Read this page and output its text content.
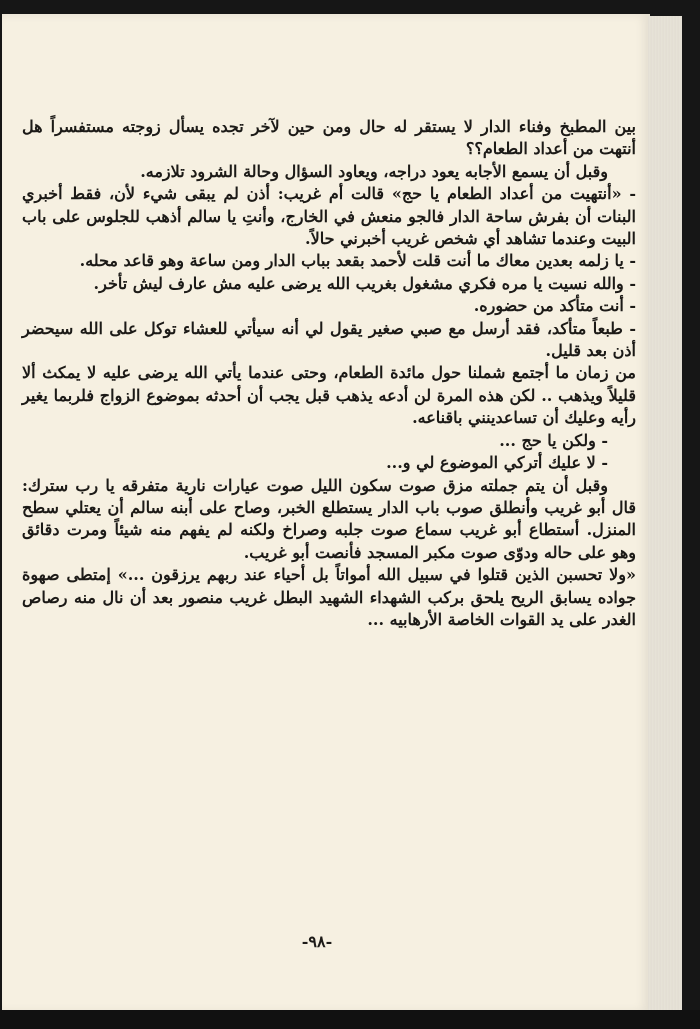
بين المطبخ وفناء الدار لا يستقر له حال ومن حين لآخر تجده يسأل زوجته مستفسراً هل أنتهت من أعداد الطعام؟؟

وقبل أن يسمع الأجابه يعود دراجه، ويعاود السؤال وحالة الشرود تلازمه.

- «أنتهيت من أعداد الطعام يا حج» قالت أم غريب: أذن لم يبقى شيء لأن، فقط أخبري البنات أن بفرش ساحة الدار فالجو منعش في الخارج، وأنتِ يا سالم أذهب للجلوس على باب البيت وعندما تشاهد أي شخص غريب أخبرني حالاً.

- يا زلمه بعدين معاك ما أنت قلت لأحمد بقعد بباب الدار ومن ساعة وهو قاعد محله.

- والله نسيت يا مره فكري مشغول بغريب الله يرضى عليه مش عارف ليش تأخر.

- أنت متأكد من حضوره.

- طبعاً متأكد، فقد أرسل مع صبي صغير يقول لي أنه سيأتي للعشاء توكل على الله سيحضر أذن بعد قليل.

من زمان ما أجتمع شملنا حول مائدة الطعام، وحتى عندما يأتي الله يرضى عليه لا يمكث ألا قليلاً ويذهب .. لكن هذه المرة لن أدعه يذهب قبل يجب أن أحدثه بموضوع الزواج فلربما يغير رأيه وعليك أن تساعدينني باقناعه.

- ولكن يا حج ...

- لا عليك أتركي الموضوع لي و...

وقبل أن يتم جملته مزق صوت سكون الليل صوت عيارات نارية متفرقه يا رب سترك: قال أبو غريب وأنطلق صوب باب الدار يستطلع الخبر، وصاح على أبنه سالم أن يعتلي سطح المنزل. أستطاع أبو غريب سماع صوت جلبه وصراخ ولكنه لم يفهم منه شيئاً ومرت دقائق وهو على حاله ودوّى صوت مكبر المسجد فأنصت أبو غريب.

«ولا تحسبن الذين قتلوا في سبيل الله أمواتاً بل أحياء عند ربهم يرزقون ...» إمتطى صهوة جواده يسابق الريح يلحق بركب الشهداء الشهيد البطل غريب منصور بعد أن نال منه رصاص الغدر على يد القوات الخاصة الأرهابيه ...

-٩٨-
